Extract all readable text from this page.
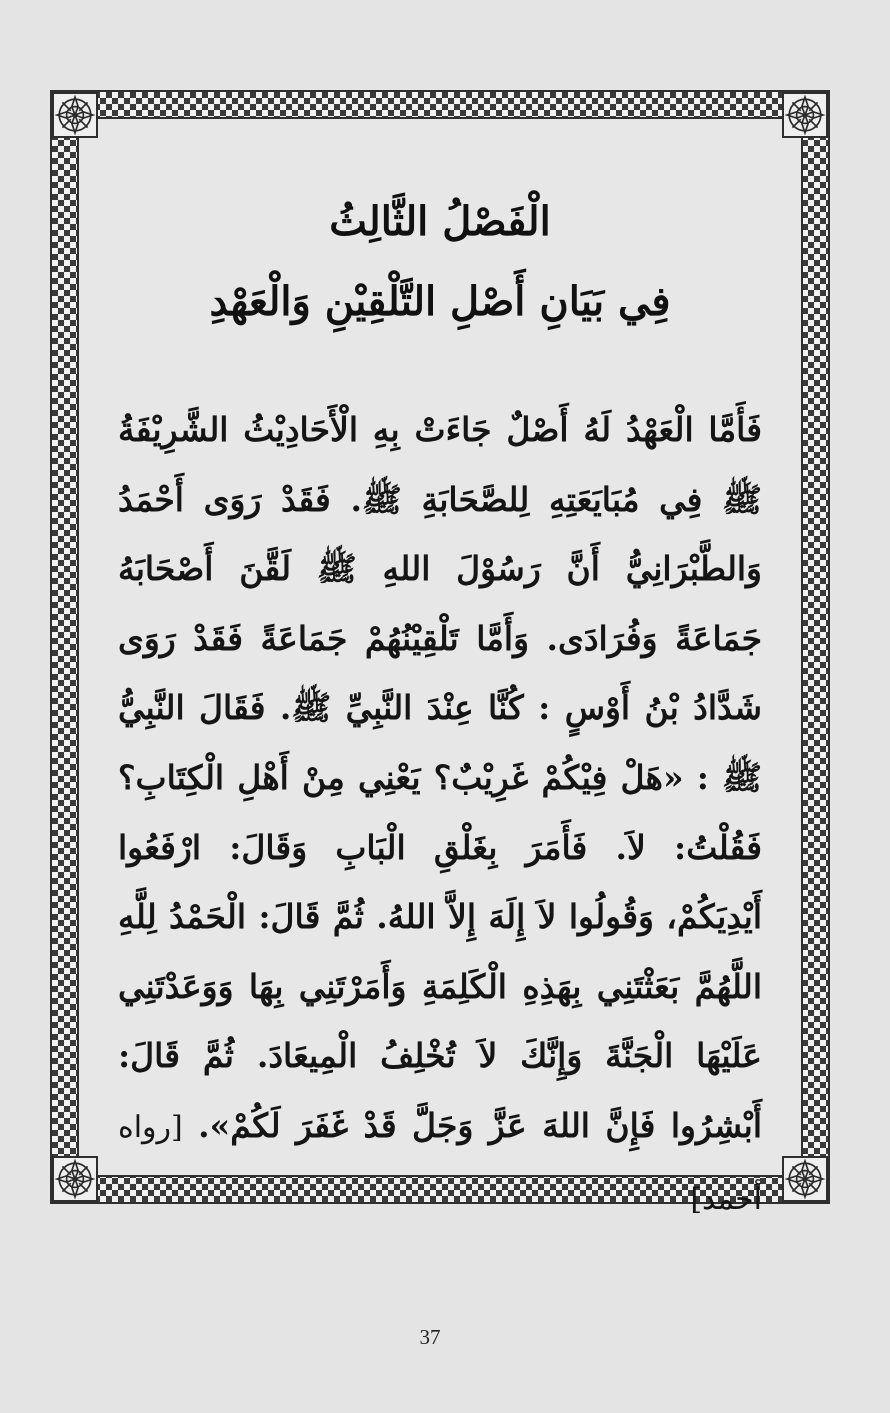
الْفَصْلُ الثَّالِثُ
فِي بَيَانِ أَصْلِ التَّلْقِيْنِ وَالْعَهْدِ
فَأَمَّا الْعَهْدُ لَهُ أَصْلٌ جَاءَتْ بِهِ الْأَحَادِيْثُ الشَّرِيْفَةُ ﷺ فِي مُبَايَعَتِهِ لِلصَّحَابَةِ ﷺ. فَقَدْ رَوَى أَحْمَدُ وَالطَّبْرَانِيُّ أَنَّ رَسُوْلَ اللهِ ﷺ لَقَّنَ أَصْحَابَهُ جَمَاعَةً وَفُرَادَى. وَأَمَّا تَلْقِيْنُهُمْ جَمَاعَةً فَقَدْ رَوَى شَدَّادُ بْنُ أَوْسٍ : كُنَّا عِنْدَ النَّبِيِّ ﷺ. فَقَالَ النَّبِيُّ ﷺ : «هَلْ فِيْكُمْ غَرِيْبٌ؟ يَعْنِي مِنْ أَهْلِ الْكِتَابِ؟ فَقُلْتُ: لاَ. فَأَمَرَ بِغَلْقِ الْبَابِ وَقَالَ: ارْفَعُوا أَيْدِيَكُمْ، وَقُولُوا لاَ إِلَهَ إِلاَّ اللهُ. ثُمَّ قَالَ: الْحَمْدُ لِلَّهِ اللَّهُمَّ بَعَثْتَنِي بِهَذِهِ الْكَلِمَةِ وَأَمَرْتَنِي بِهَا وَوَعَدْتَنِي عَلَيْهَا الْجَنَّةَ وَإِنَّكَ لاَ تُخْلِفُ الْمِيعَادَ. ثُمَّ قَالَ: أَبْشِرُوا فَإِنَّ اللهَ عَزَّ وَجَلَّ قَدْ غَفَرَ لَكُمْ». [رواه أحمد]
37
